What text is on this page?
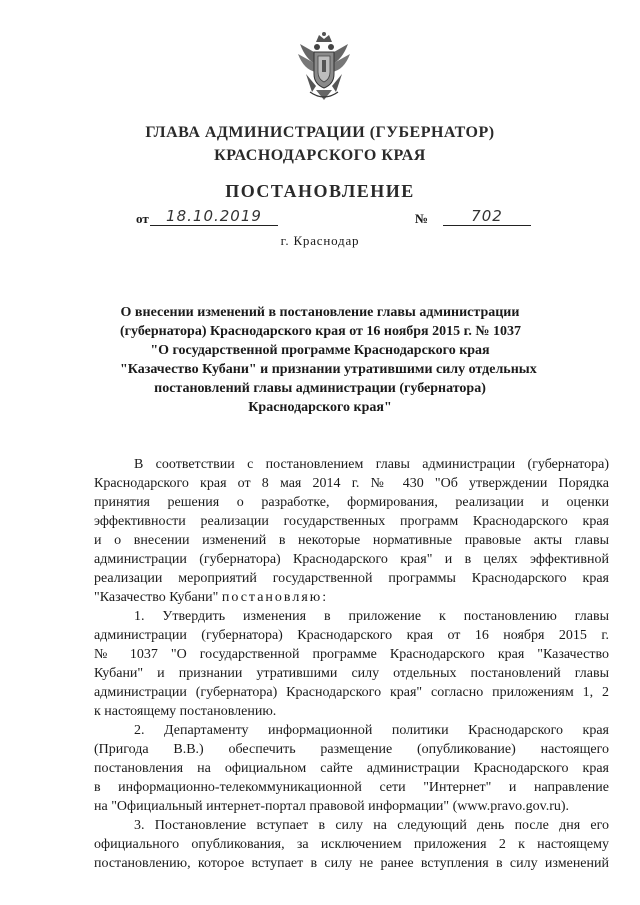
ГЛАВА АДМИНИСТРАЦИИ (ГУБЕРНАТОР)
КРАСНОДАРСКОГО КРАЯ
ПОСТАНОВЛЕНИЕ
от	18.10.2019	№	702
г. Краснодар
О внесении изменений в постановление главы администрации
(губернатора) Краснодарского края от 16 ноября 2015 г. № 1037
"О государственной программе Краснодарского края
"Казачество Кубани" и признании утратившими силу отдельных
постановлений главы администрации (губернатора)
Краснодарского края"
В соответствии с постановлением главы администрации (губернатора)
Краснодарского края от 8 мая 2014 г. № 430 "Об утверждении Порядка
принятия решения о разработке, формирования, реализации и оценки
эффективности реализации государственных программ Краснодарского края
и о внесении изменений в некоторые нормативные правовые акты главы
администрации (губернатора) Краснодарского края" и в целях эффективной
реализации мероприятий государственной программы Краснодарского края
"Казачество Кубани" постановляю:
1. Утвердить изменения в приложение к постановлению главы
администрации (губернатора) Краснодарского края от 16 ноября 2015 г.
№ 1037 "О государственной программе Краснодарского края "Казачество
Кубани" и признании утратившими силу отдельных постановлений главы
администрации (губернатора) Краснодарского края" согласно приложениям 1, 2
к настоящему постановлению.
2. Департаменту информационной политики Краснодарского края
(Пригода В.В.) обеспечить размещение (опубликование) настоящего
постановления на официальном сайте администрации Краснодарского края
в информационно-телекоммуникационной сети "Интернет" и направление
на "Официальный интернет-портал правовой информации" (www.pravo.gov.ru).
3. Постановление вступает в силу на следующий день после дня его
официального опубликования, за исключением приложения 2 к настоящему
постановлению, которое вступает в силу не ранее вступления в силу изменений
